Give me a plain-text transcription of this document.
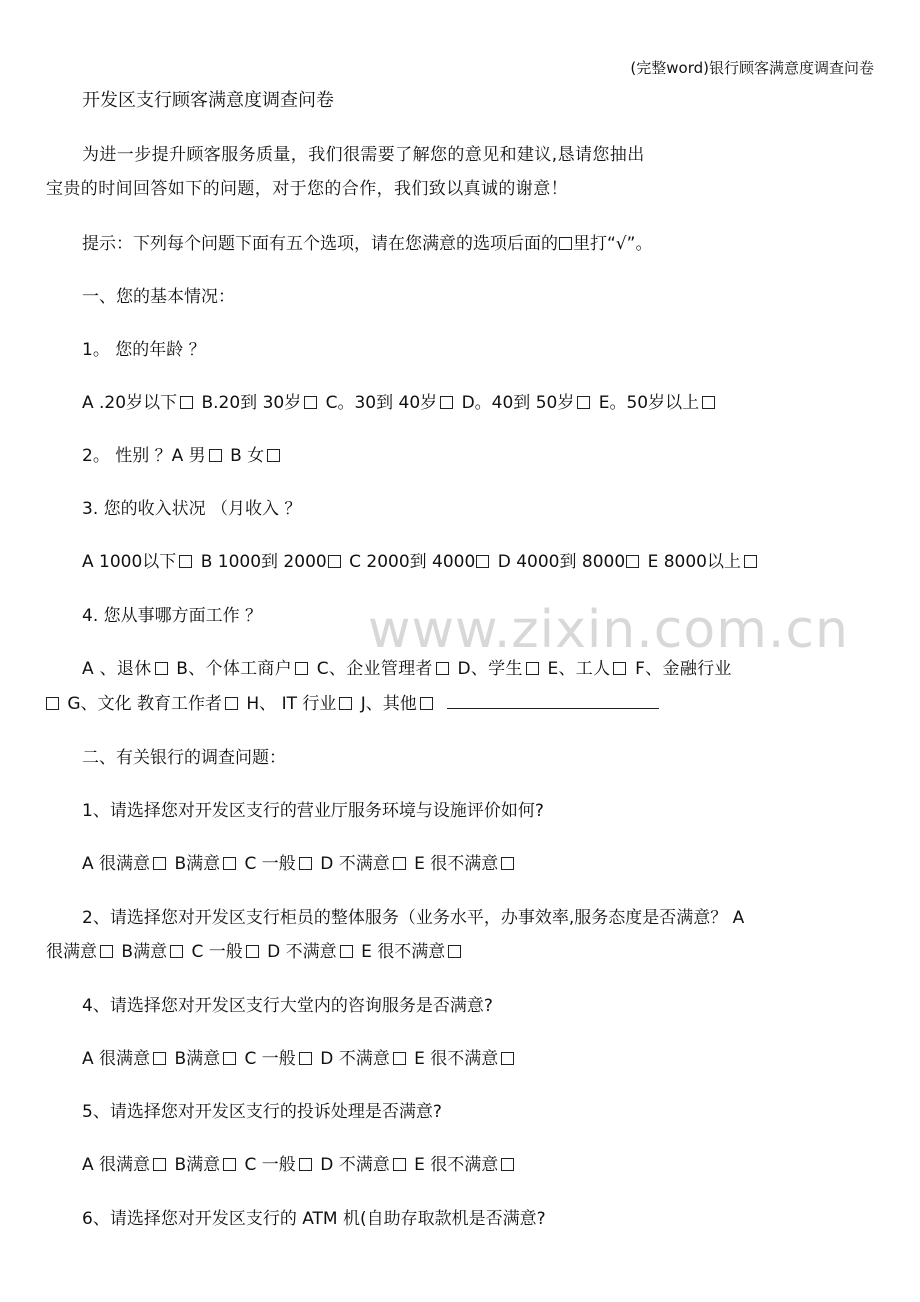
www.zixin.com.cn
(完整word)银行顾客满意度调查问卷
开发区支行顾客满意度调查问卷
为进一步提升顾客服务质量，我们很需要了解您的意见和建议,恳请您抽出
宝贵的时间回答如下的问题，对于您的合作，我们致以真诚的谢意！
提示：下列每个问题下面有五个选项，请在您满意的选项后面的 里打“√”。
一、您的基本情况：
1。 您的年龄 ？
A .20岁以下 B.20到 30岁 C。30到 40岁 D。40到 50岁 E。50岁以上
2。 性别 ？A 男 B 女
3. 您的收入状况 （月收入 ？
A 1000以下 B 1000到 2000 C 2000到 4000 D 4000到 8000 E 8000以上
4. 您从事哪方面工作 ？
A 、退休 B、个体工商户 C、企业管理者 D、学生 E、工人 F、金融行业
G、文化 教育工作者 H、 IT 行业 J、其他
二、有关银行的调查问题：
1、请选择您对开发区支行的营业厅服务环境与设施评价如何?
A 很满意 B满意 C 一般 D 不满意 E 很不满意
2、请选择您对开发区支行柜员的整体服务（业务水平，办事效率,服务态度是否满意？ A
很满意 B满意 C 一般 D 不满意 E 很不满意
4、请选择您对开发区支行大堂内的咨询服务是否满意?
A 很满意 B满意 C 一般 D 不满意 E 很不满意
5、请选择您对开发区支行的投诉处理是否满意?
A 很满意 B满意 C 一般 D 不满意 E 很不满意
6、请选择您对开发区支行的 ATM 机(自助存取款机是否满意?
